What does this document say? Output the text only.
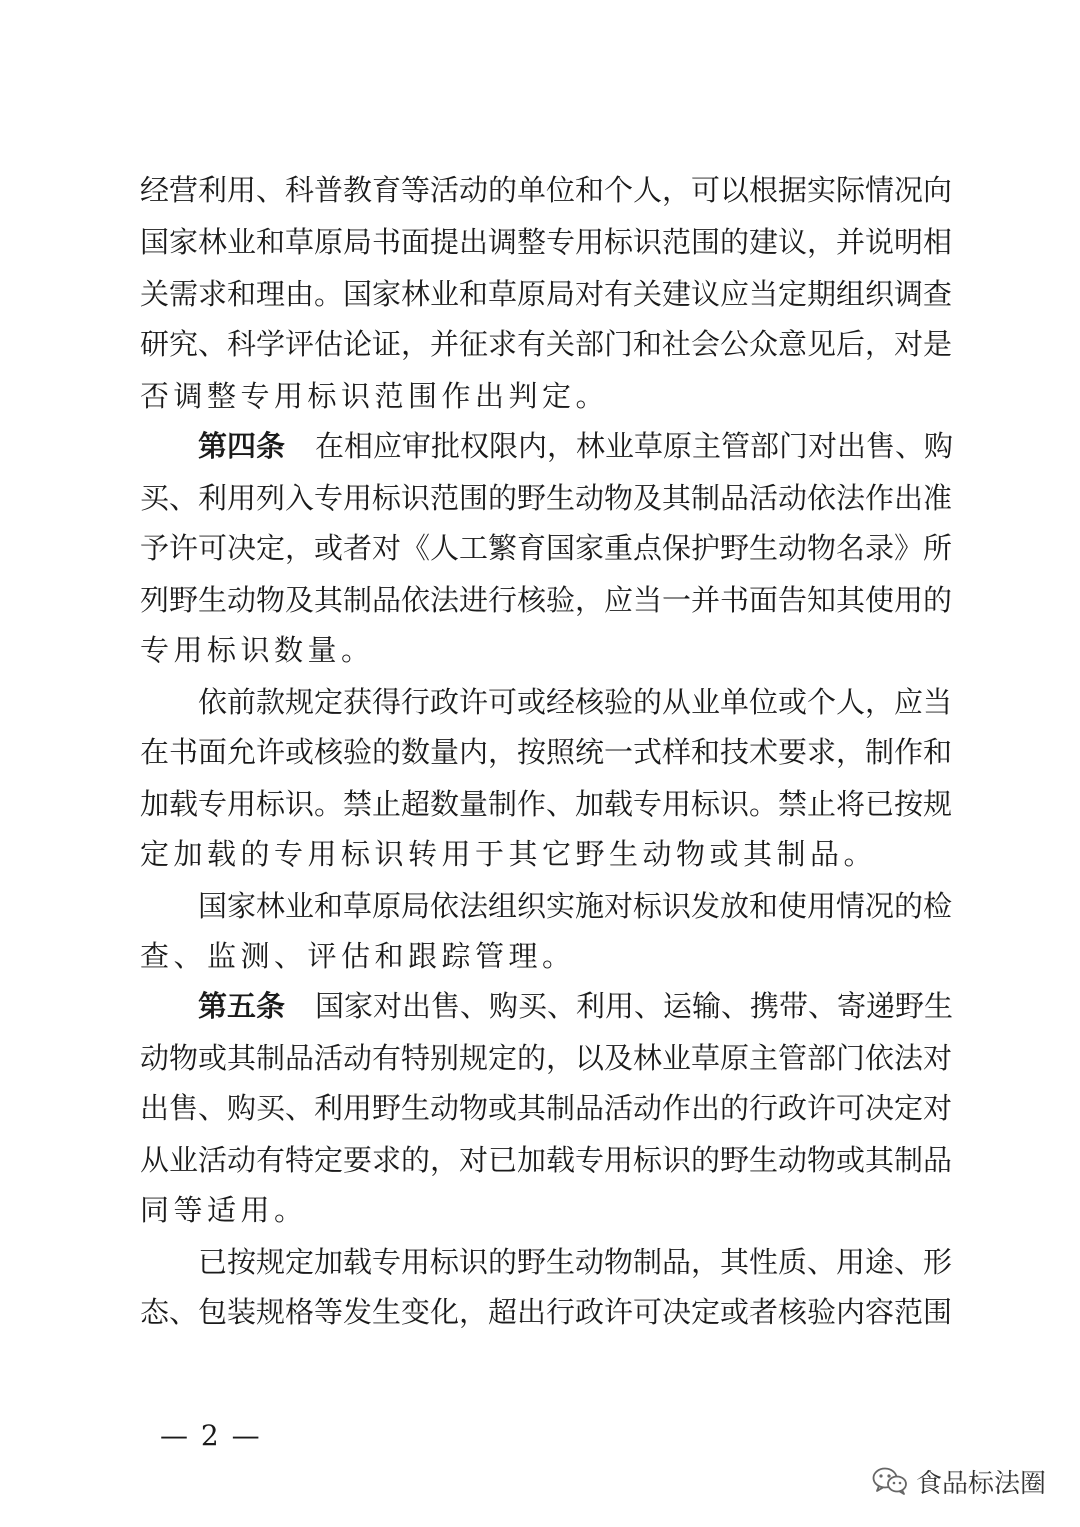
经营利用、科普教育等活动的单位和个人，可以根据实际情况向
国家林业和草原局书面提出调整专用标识范围的建议，并说明相
关需求和理由。国家林业和草原局对有关建议应当定期组织调查
研究、科学评估论证，并征求有关部门和社会公众意见后，对是
否调整专用标识范围作出判定。
第四条 在相应审批权限内，林业草原主管部门对出售、购
买、利用列入专用标识范围的野生动物及其制品活动依法作出准
予许可决定，或者对《人工繁育国家重点保护野生动物名录》所
列野生动物及其制品依法进行核验，应当一并书面告知其使用的
专用标识数量。
依前款规定获得行政许可或经核验的从业单位或个人，应当
在书面允许或核验的数量内，按照统一式样和技术要求，制作和
加载专用标识。禁止超数量制作、加载专用标识。禁止将已按规
定加载的专用标识转用于其它野生动物或其制品。
国家林业和草原局依法组织实施对标识发放和使用情况的检
查、监测、评估和跟踪管理。
第五条 国家对出售、购买、利用、运输、携带、寄递野生
动物或其制品活动有特别规定的，以及林业草原主管部门依法对
出售、购买、利用野生动物或其制品活动作出的行政许可决定对
从业活动有特定要求的，对已加载专用标识的野生动物或其制品
同等适用。
已按规定加载专用标识的野生动物制品，其性质、用途、形
态、包装规格等发生变化，超出行政许可决定或者核验内容范围
— 2 —
食品标法圈
